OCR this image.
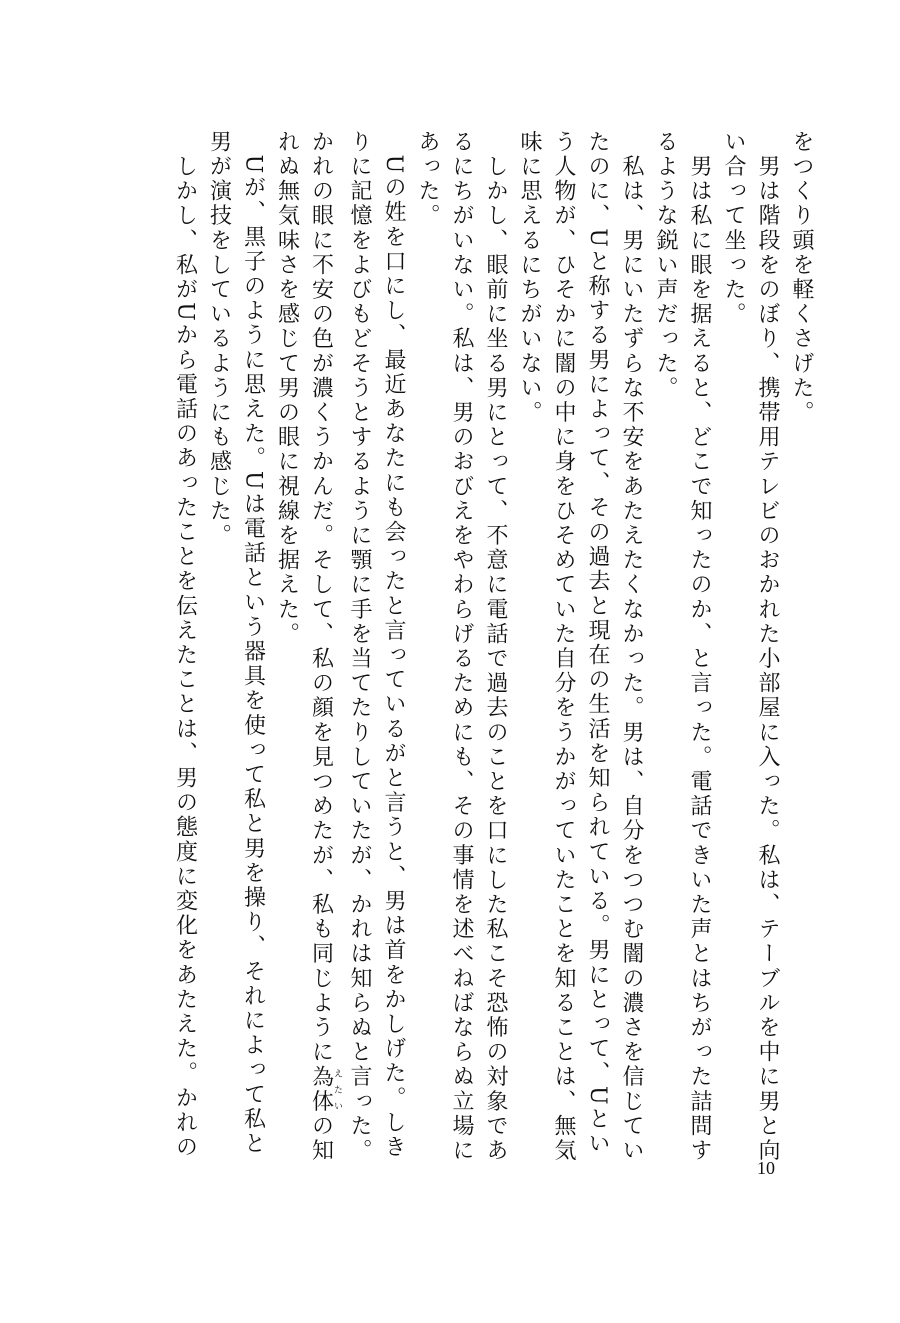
をつくり頭を軽くさげた。

　男は階段をのぼり、携帯用テレビのおかれた小部屋に入った。私は、テーブルを中に男と向

い合って坐った。

　男は私に眼を据えると、どこで知ったのか、と言った。電話できいた声とはちがった詰問す

るような鋭い声だった。

　私は、男にいたずらな不安をあたえたくなかった。男は、自分をつつむ闇の濃さを信じてい

たのに、Uと称する男によって、その過去と現在の生活を知られている。男にとって、Uとい

う人物が、ひそかに闇の中に身をひそめていた自分をうかがっていたことを知ることは、無気

味に思えるにちがいない。

　しかし、眼前に坐る男にとって、不意に電話で過去のことを口にした私こそ恐怖の対象であ

るにちがいない。私は、男のおびえをやわらげるためにも、その事情を述べねばならぬ立場に

あった。

　Uの姓を口にし、最近あなたにも会ったと言っているがと言うと、男は首をかしげた。しき

りに記憶をよびもどそうとするように顎に手を当てたりしていたが、かれは知らぬと言った。

かれの眼に不安の色が濃くうかんだ。そして、私の顔を見つめたが、私も同じように為体えたいの知

れぬ無気味さを感じて男の眼に視線を据えた。

　Uが、黒子のように思えた。Uは電話という器具を使って私と男を操り、それによって私と

男が演技をしているようにも感じた。

　しかし、私がUから電話のあったことを伝えたことは、男の態度に変化をあたえた。かれの

10
